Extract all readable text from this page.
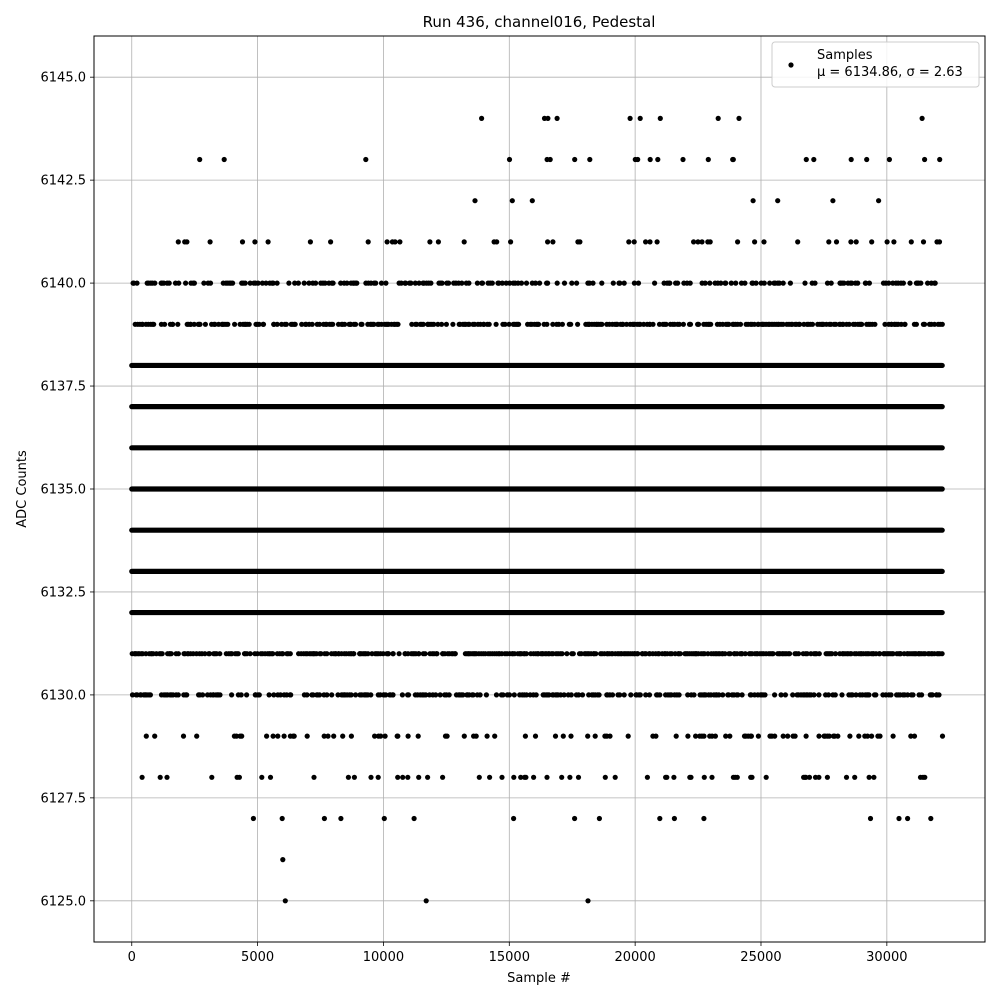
0	5000	10000	15000	20000	25000	30000
6125.0
6127.5
6130.0
6132.5
6135.0
6137.5
6140.0
6142.5
6145.0
Run 436, channel016, Pedestal
Sample #
ADC Counts
Samples
μ = 6134.86, σ = 2.63
